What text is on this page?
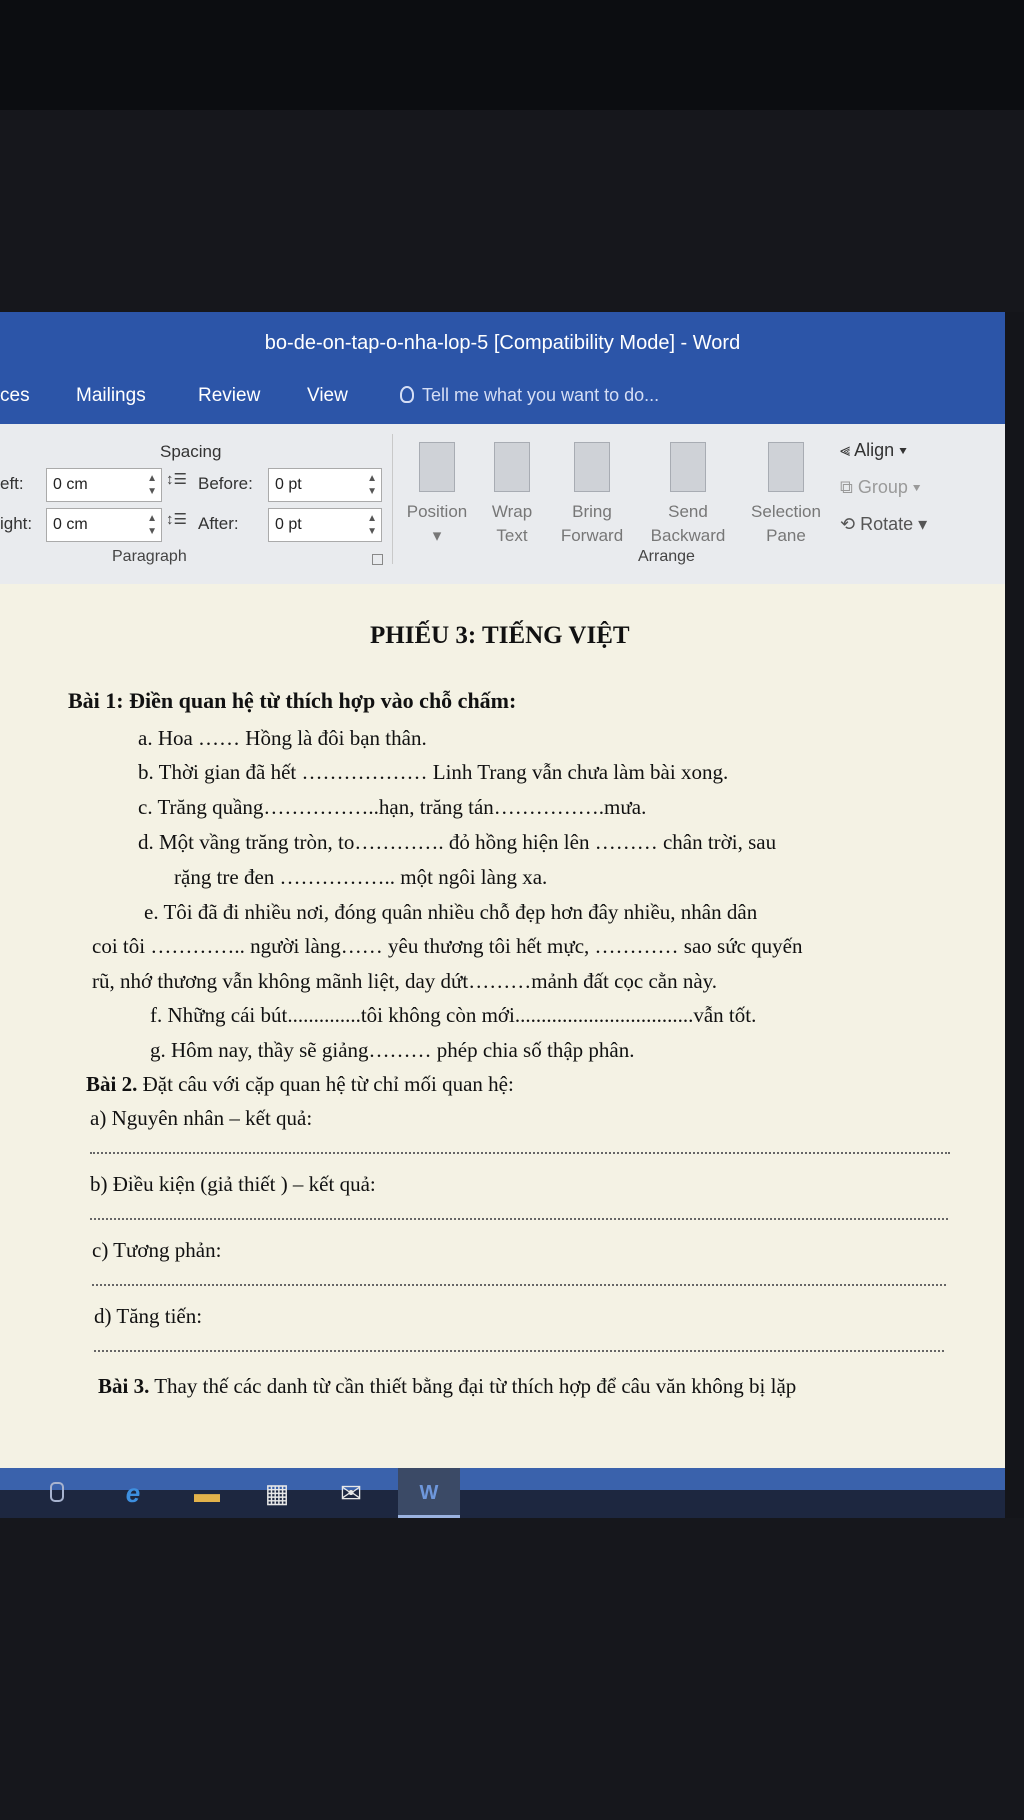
bo-de-on-tap-o-nha-lop-5 [Compatibility Mode] - Word
ces Mailings	Review View	Tell me what you want to do...
Spacing
eft: 0 cm	▲
▼
ight: 0 cm	▲
▼
↕☰ Before: 0 pt	▲
▼
↕☰ After: 0 pt	▲
▼
Paragraph
Position
▾
Wrap
Text
Bring
Forward
Send
Backward
Selection
Pane
⫷ Align ▾
⧉ Group ▾
⟲ Rotate ▾
Arrange
PHIẾU 3: TIẾNG VIỆT
Bài 1: Điền quan hệ từ thích hợp vào chỗ chấm:
a. Hoa …… Hồng là đôi bạn thân.
b. Thời gian đã hết ……………… Linh Trang vẫn chưa làm bài xong.
c. Trăng quầng……………..hạn, trăng tán…………….mưa.
d. Một vầng trăng tròn, to…………. đỏ hồng hiện lên ……… chân trời, sau
rặng tre đen …………….. một ngôi làng xa.
e. Tôi đã đi nhiều nơi, đóng quân nhiều chỗ đẹp hơn đây nhiều, nhân dân
coi tôi ………….. người làng…… yêu thương tôi hết mực, ………… sao sức quyến
rũ, nhớ thương vẫn không mãnh liệt, day dứt………mảnh đất cọc cằn này.
f. Những cái bút..............tôi không còn mới..................................vẫn tốt.
g. Hôm nay, thầy sẽ giảng……… phép chia số thập phân.
Bài 2. Đặt câu với cặp quan hệ từ chỉ mối quan hệ:
a) Nguyên nhân – kết quả:
b) Điều kiện (giả thiết ) – kết quả:
c) Tương phản:
d) Tăng tiến:
Bài 3. Thay thế các danh từ cần thiết bằng đại từ thích hợp để câu văn không bị lặp
e	▬	▦	✉	W
